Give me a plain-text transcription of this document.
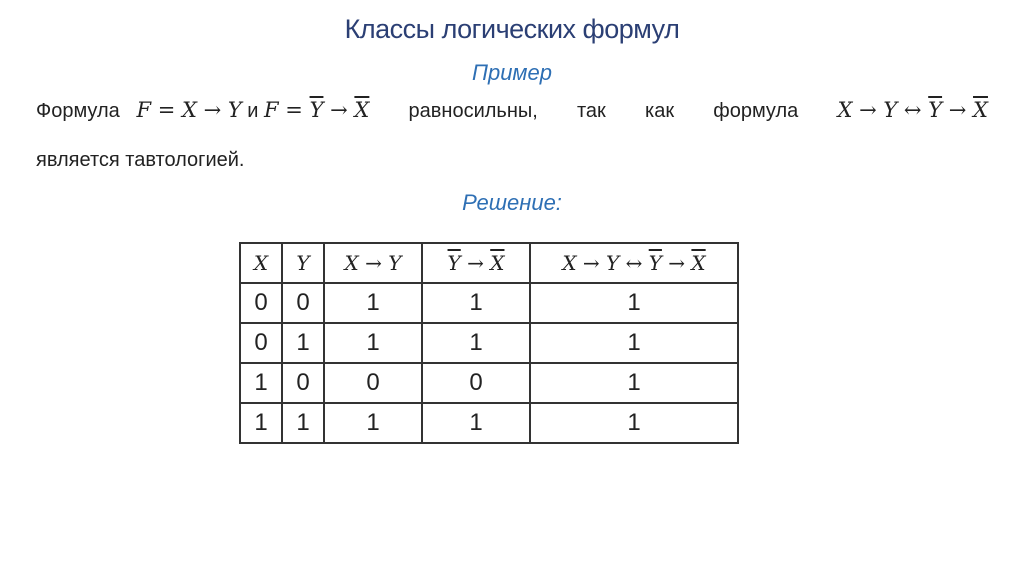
Классы логических формул
Пример
Формула F = X → Y и $F = \overline{Y} \to \overline{X}$ равносильны, так как формула X → Y ↔ $\overline{Y} \to \overline{X}$
является тавтологией.
Решение:
X	Y	X → Y	$\overline{Y} \to \overline{X}$	X → Y ↔ $\overline{Y} \to \overline{X}$
0	0	1	1	1
0	1	1	1	1
1	0	0	0	1
1	1	1	1	1
